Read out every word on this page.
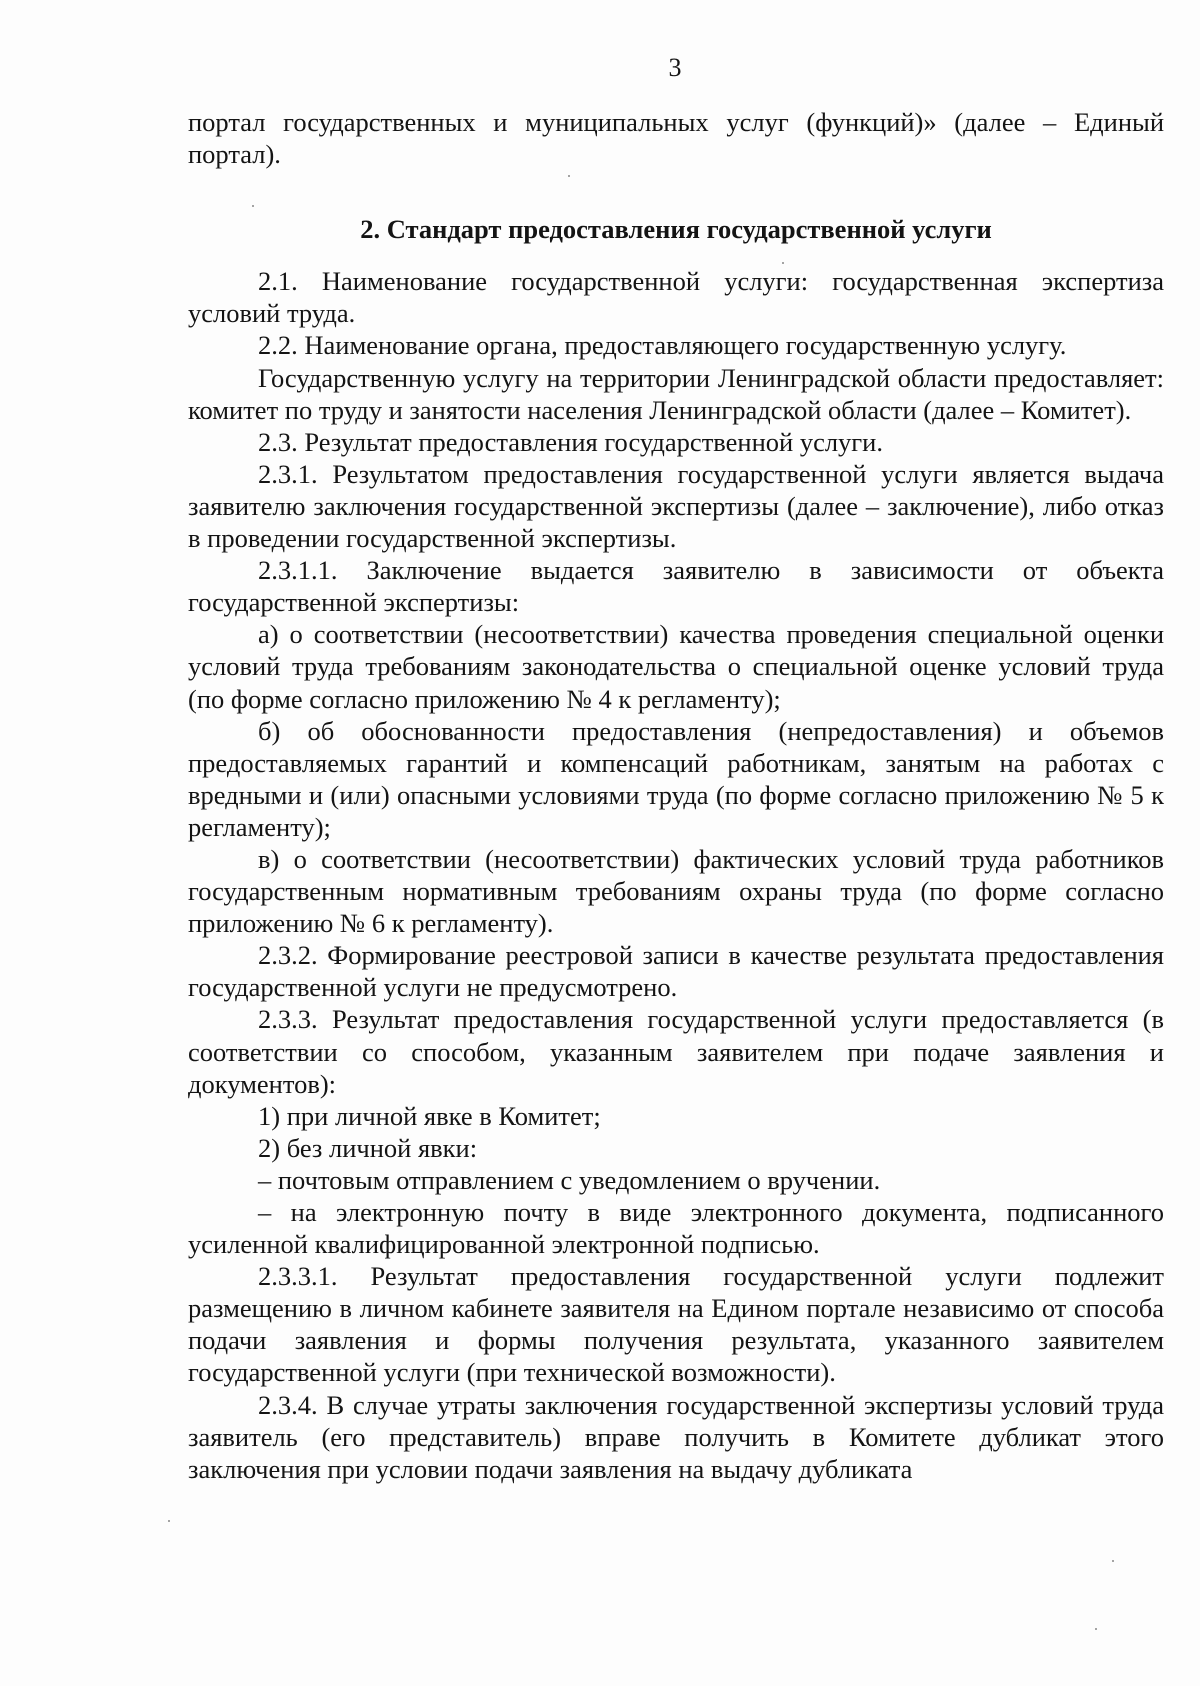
3

портал государственных и муниципальных услуг (функций)» (далее – Единый портал).

2. Стандарт предоставления государственной услуги

2.1. Наименование государственной услуги: государственная экспертиза условий труда.

2.2. Наименование органа, предоставляющего государственную услугу.

Государственную услугу на территории Ленинградской области предоставляет: комитет по труду и занятости населения Ленинградской области (далее – Комитет).

2.3. Результат предоставления государственной услуги.

2.3.1. Результатом предоставления государственной услуги является выдача заявителю заключения государственной экспертизы (далее – заключение), либо отказ в проведении государственной экспертизы.

2.3.1.1. Заключение выдается заявителю в зависимости от объекта государственной экспертизы:

а) о соответствии (несоответствии) качества проведения специальной оценки условий труда требованиям законодательства о специальной оценке условий труда (по форме согласно приложению № 4 к регламенту);

б) об обоснованности предоставления (непредоставления) и объемов предоставляемых гарантий и компенсаций работникам, занятым на работах с вредными и (или) опасными условиями труда (по форме согласно приложению № 5 к регламенту);

в) о соответствии (несоответствии) фактических условий труда работников государственным нормативным требованиям охраны труда (по форме согласно приложению № 6 к регламенту).

2.3.2. Формирование реестровой записи в качестве результата предоставления государственной услуги не предусмотрено.

2.3.3. Результат предоставления государственной услуги предоставляется (в соответствии со способом, указанным заявителем при подаче заявления и документов):

1) при личной явке в Комитет;

2) без личной явки:

– почтовым отправлением с уведомлением о вручении.

– на электронную почту в виде электронного документа, подписанного усиленной квалифицированной электронной подписью.

2.3.3.1. Результат предоставления государственной услуги подлежит размещению в личном кабинете заявителя на Едином портале независимо от способа подачи заявления и формы получения результата, указанного заявителем государственной услуги (при технической возможности).

2.3.4. В случае утраты заключения государственной экспертизы условий труда заявитель (его представитель) вправе получить в Комитете дубликат этого заключения при условии подачи заявления на выдачу дубликата
